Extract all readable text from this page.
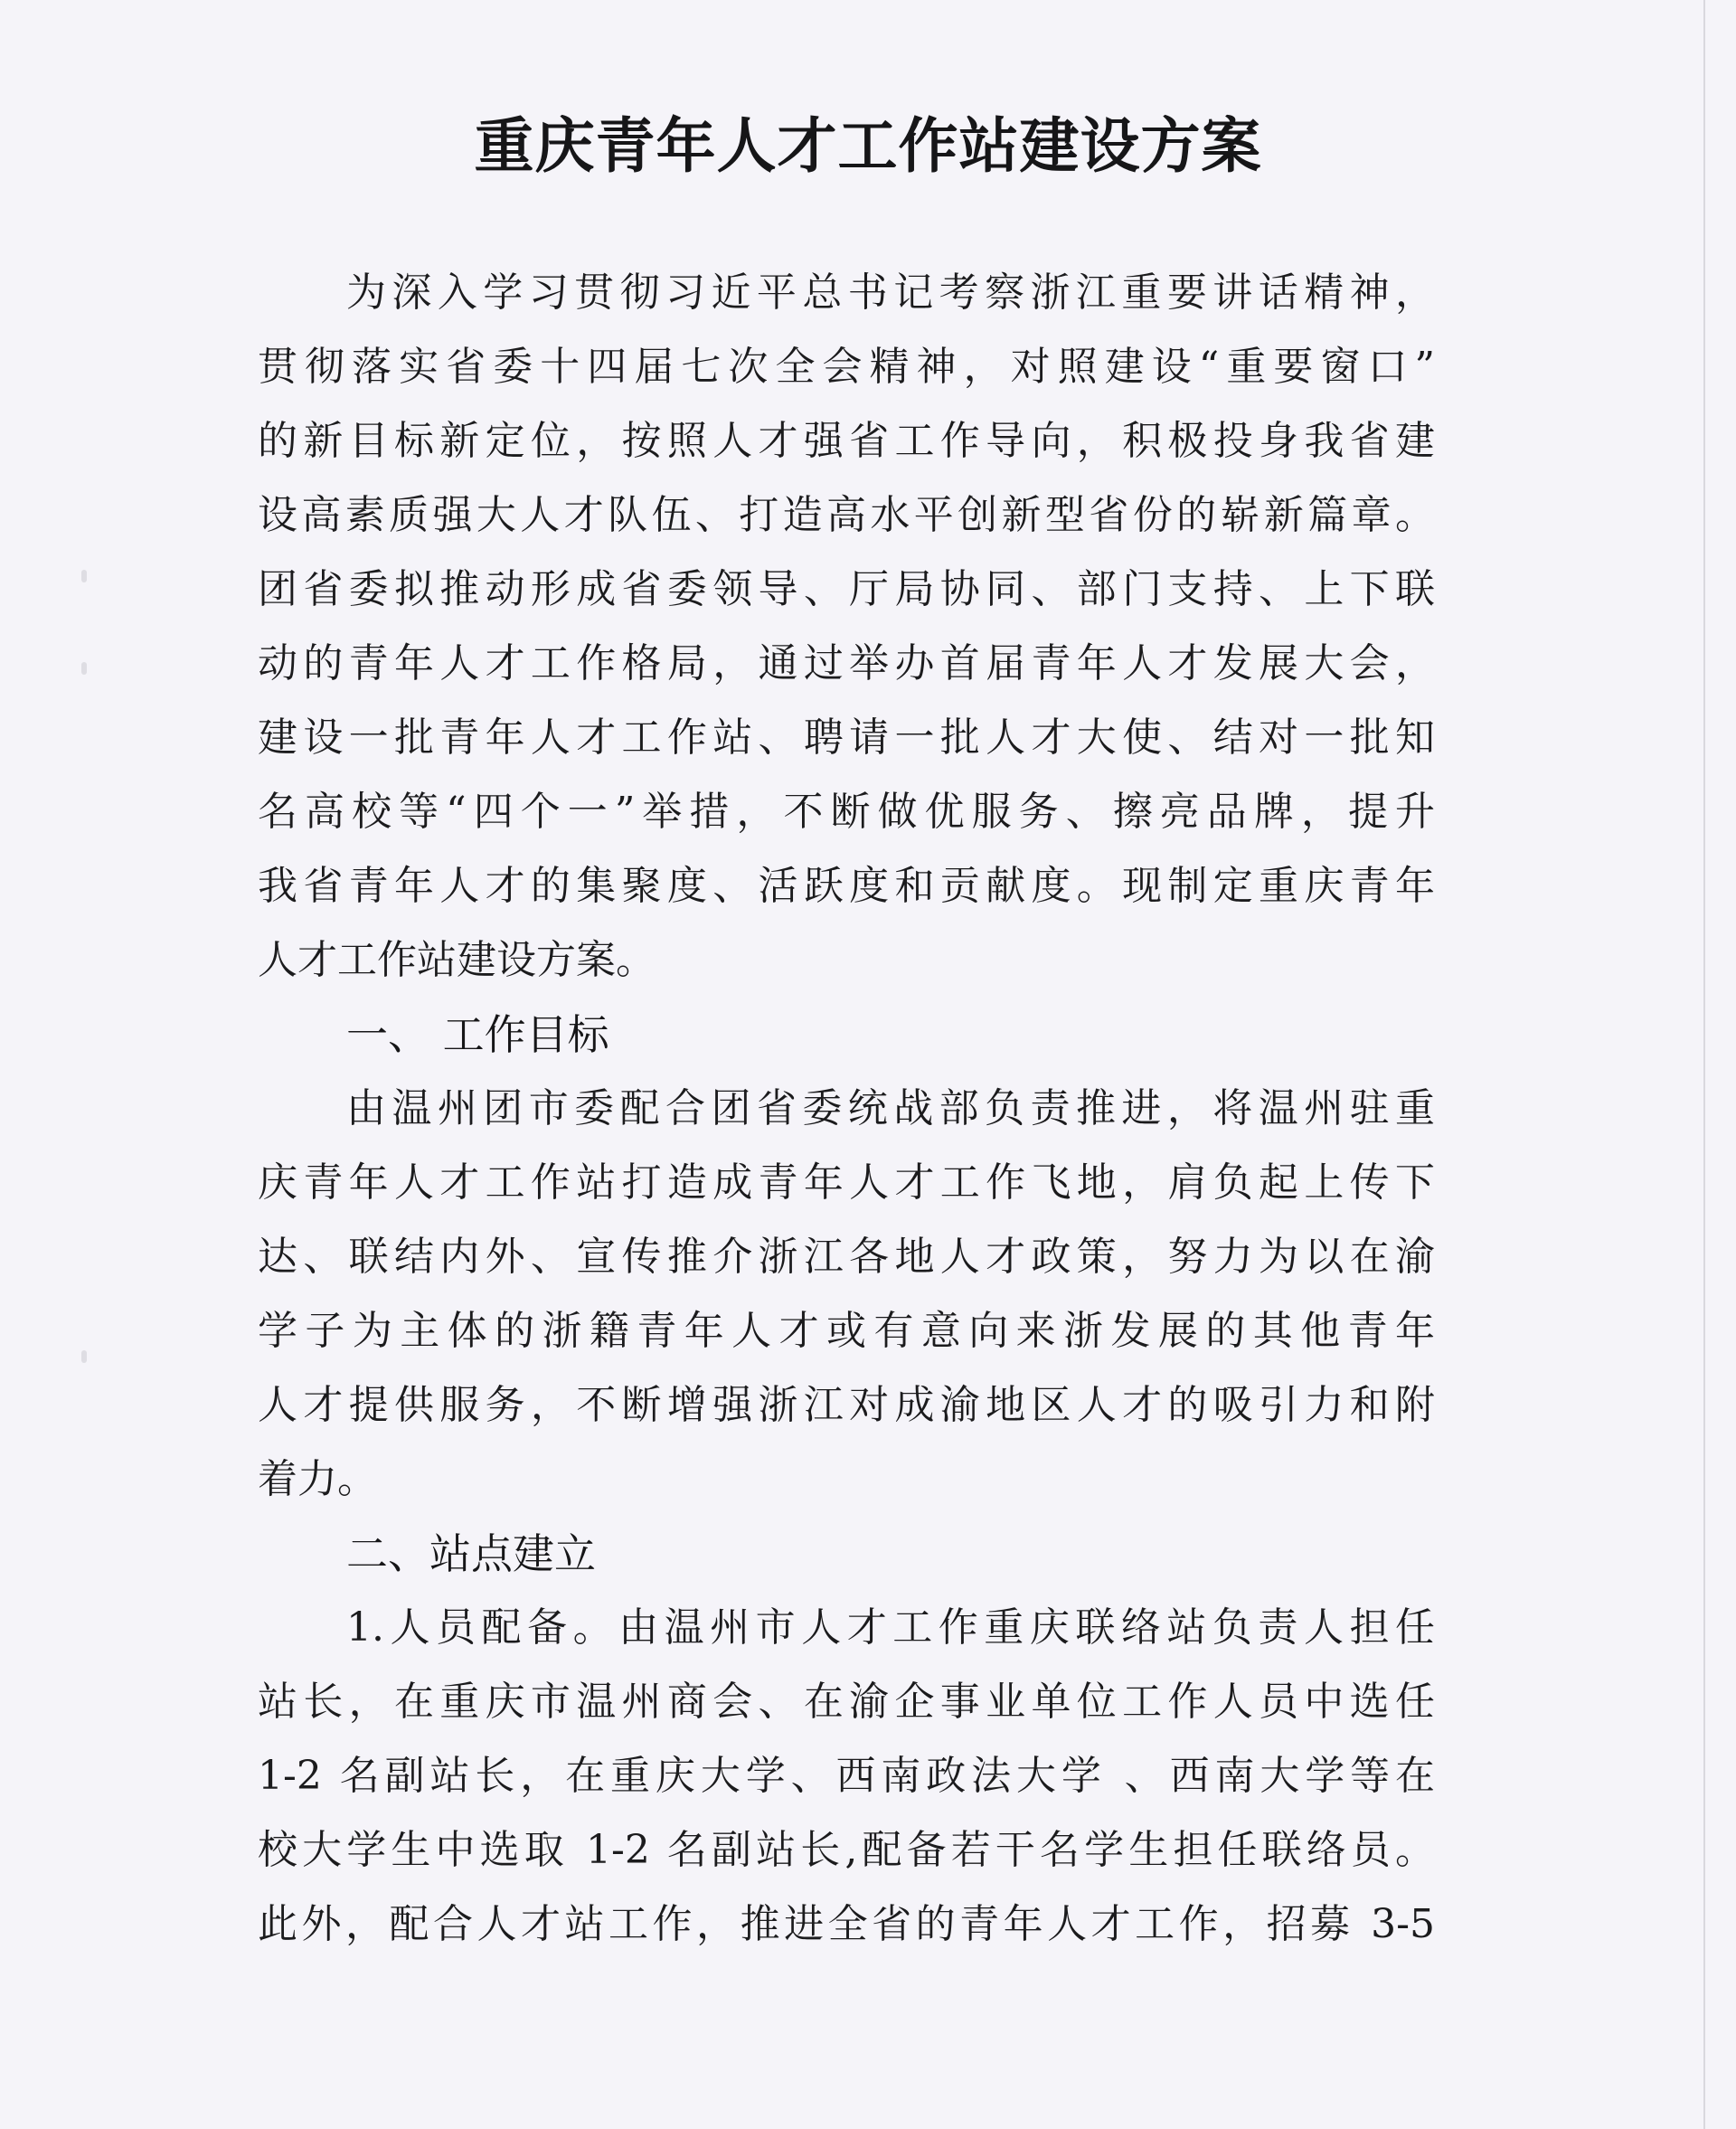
重庆青年人才工作站建设方案
为深入学习贯彻习近平总书记考察浙江重要讲话精神，
贯彻落实省委十四届七次全会精神，对照建设“重要窗口”
的新目标新定位，按照人才强省工作导向，积极投身我省建
设高素质强大人才队伍、打造高水平创新型省份的崭新篇章。
团省委拟推动形成省委领导、厅局协同、部门支持、上下联
动的青年人才工作格局，通过举办首届青年人才发展大会，
建设一批青年人才工作站、聘请一批人才大使、结对一批知
名高校等“四个一”举措，不断做优服务、擦亮品牌，提升
我省青年人才的集聚度、活跃度和贡献度。现制定重庆青年
人才工作站建设方案。
一、 工作目标
由温州团市委配合团省委统战部负责推进，将温州驻重
庆青年人才工作站打造成青年人才工作飞地，肩负起上传下
达、联结内外、宣传推介浙江各地人才政策，努力为以在渝
学子为主体的浙籍青年人才或有意向来浙发展的其他青年
人才提供服务，不断增强浙江对成渝地区人才的吸引力和附
着力。
二、站点建立
1.人员配备。由温州市人才工作重庆联络站负责人担任
站长，在重庆市温州商会、在渝企事业单位工作人员中选任
1-2 名副站长，在重庆大学、西南政法大学 、西南大学等在
校大学生中选取 1-2 名副站长,配备若干名学生担任联络员。
此外，配合人才站工作，推进全省的青年人才工作，招募 3-5
